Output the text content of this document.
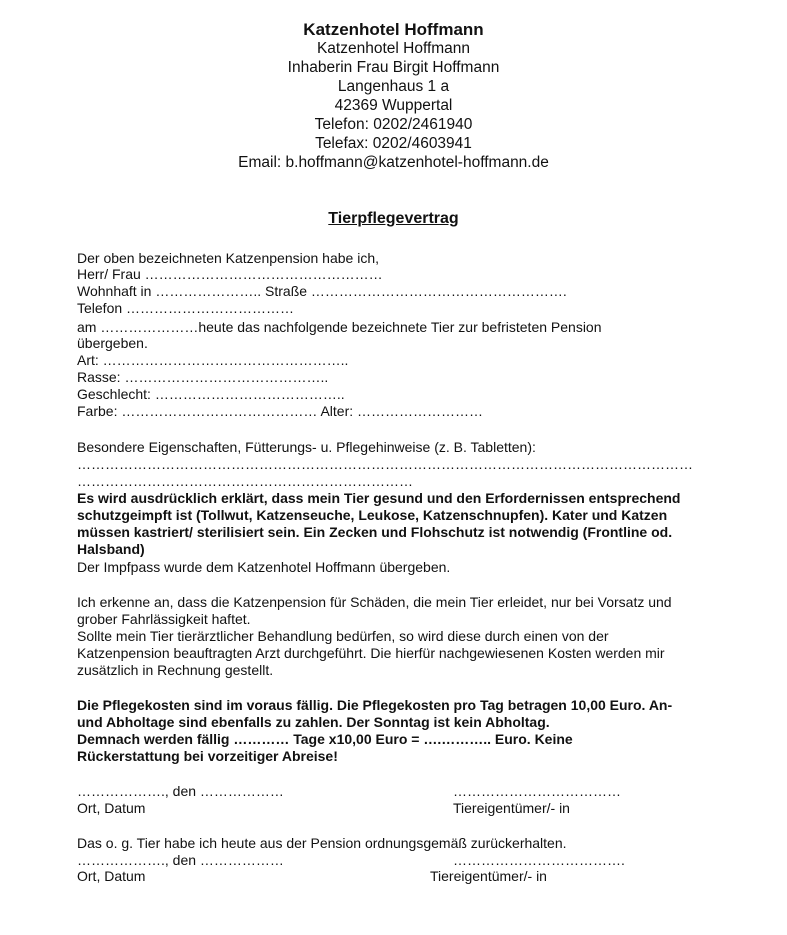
Katzenhotel Hoffmann
Katzenhotel Hoffmann
Inhaberin Frau Birgit Hoffmann
Langenhaus 1 a
42369 Wuppertal
Telefon: 0202/2461940
Telefax: 0202/4603941
Email: b.hoffmann@katzenhotel-hoffmann.de
Tierpflegevertrag
Der oben bezeichneten Katzenpension habe ich,
Herr/ Frau ……………………………………………
Wohnhaft in ………………….. Straße ……………………………………………….
Telefon ………………………………
am …………………heute das nachfolgende bezeichnete Tier zur befristeten Pension
übergeben.
Art: ……………………………………………..
Rasse: ……………………………………..
Geschlecht: …………………………………..
Farbe: …………………………………… Alter: ………………………
Besondere Eigenschaften, Fütterungs- u. Pflegehinweise (z. B. Tabletten):
……………………………………………………………………………………………………………………
………………………………………………………………
Es wird ausdrücklich erklärt, dass mein Tier gesund und den Erfordernissen entsprechend
schutzgeimpft ist (Tollwut, Katzenseuche, Leukose, Katzenschnupfen). Kater und Katzen
müssen kastriert/ sterilisiert sein. Ein Zecken und Flohschutz ist notwendig (Frontline od.
Halsband)
Der Impfpass wurde dem Katzenhotel Hoffmann übergeben.
Ich erkenne an, dass die Katzenpension für Schäden, die mein Tier erleidet, nur bei Vorsatz und
grober Fahrlässigkeit haftet.
Sollte mein Tier tierärztlicher Behandlung bedürfen, so wird diese durch einen von der
Katzenpension beauftragten Arzt durchgeführt. Die hierfür nachgewiesenen Kosten werden mir
zusätzlich in Rechnung gestellt.
Die Pflegekosten sind im voraus fällig. Die Pflegekosten pro Tag betragen 10,00 Euro. An-
und Abholtage sind ebenfalls zu zahlen. Der Sonntag ist kein Abholtag.
Demnach werden fällig ………… Tage x10,00 Euro = ….……….. Euro. Keine
Rückerstattung bei vorzeitiger Abreise!
………………., den ………………	………………………………
Ort, Datum	Tiereigentümer/- in
Das o. g. Tier habe ich heute aus der Pension ordnungsgemäß zurückerhalten.
………………., den ………………	……………………………….
Ort, Datum	Tiereigentümer/- in
